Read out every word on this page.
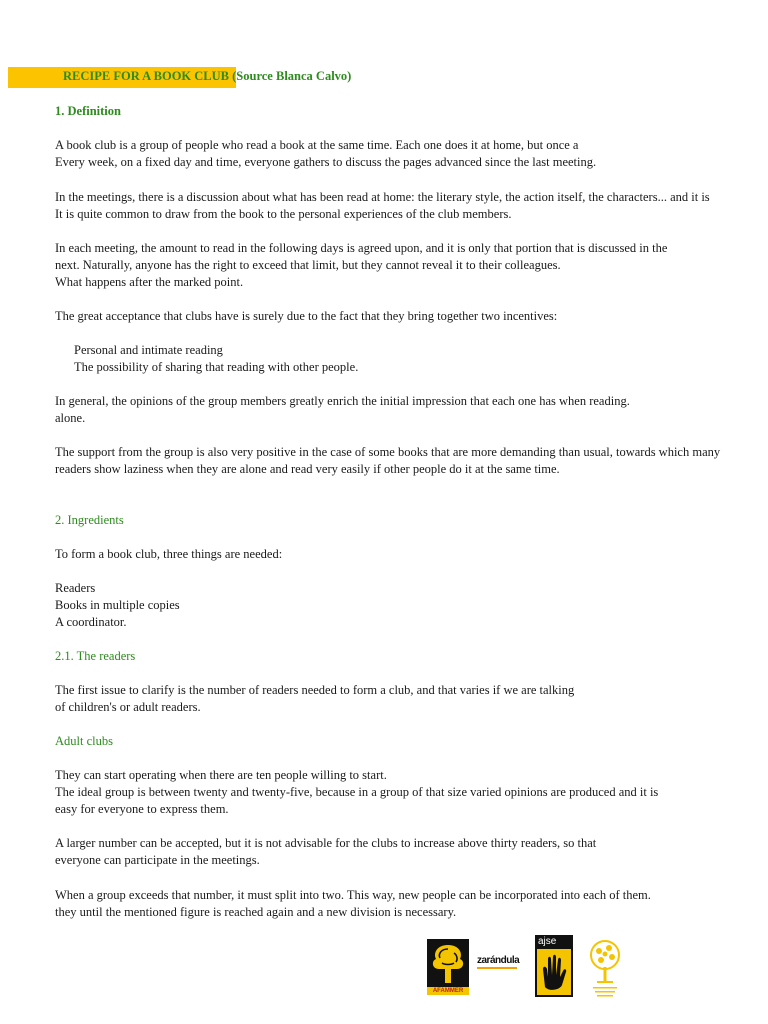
RECIPE FOR A BOOK CLUB (Source Blanca Calvo)
1. Definition
A book club is a group of people who read a book at the same time. Each one does it at home, but once a
Every week, on a fixed day and time, everyone gathers to discuss the pages advanced since the last meeting.
In the meetings, there is a discussion about what has been read at home: the literary style, the action itself, the characters... and it is
It is quite common to draw from the book to the personal experiences of the club members.
In each meeting, the amount to read in the following days is agreed upon, and it is only that portion that is discussed in the
next. Naturally, anyone has the right to exceed that limit, but they cannot reveal it to their colleagues.
What happens after the marked point.
The great acceptance that clubs have is surely due to the fact that they bring together two incentives:
Personal and intimate reading
The possibility of sharing that reading with other people.
In general, the opinions of the group members greatly enrich the initial impression that each one has when reading.
alone.
The support from the group is also very positive in the case of some books that are more demanding than usual, towards which many
readers show laziness when they are alone and read very easily if other people do it at the same time.
2. Ingredients
To form a book club, three things are needed:
Readers
Books in multiple copies
A coordinator.
2.1. The readers
The first issue to clarify is the number of readers needed to form a club, and that varies if we are talking
of children's or adult readers.
Adult clubs
They can start operating when there are ten people willing to start.
The ideal group is between twenty and twenty-five, because in a group of that size varied opinions are produced and it is
easy for everyone to express them.
A larger number can be accepted, but it is not advisable for the clubs to increase above thirty readers, so that
everyone can participate in the meetings.
When a group exceeds that number, it must split into two. This way, new people can be incorporated into each of them.
they until the mentioned figure is reached again and a new division is necessary.
AFAMMER
zarándula
ajse
